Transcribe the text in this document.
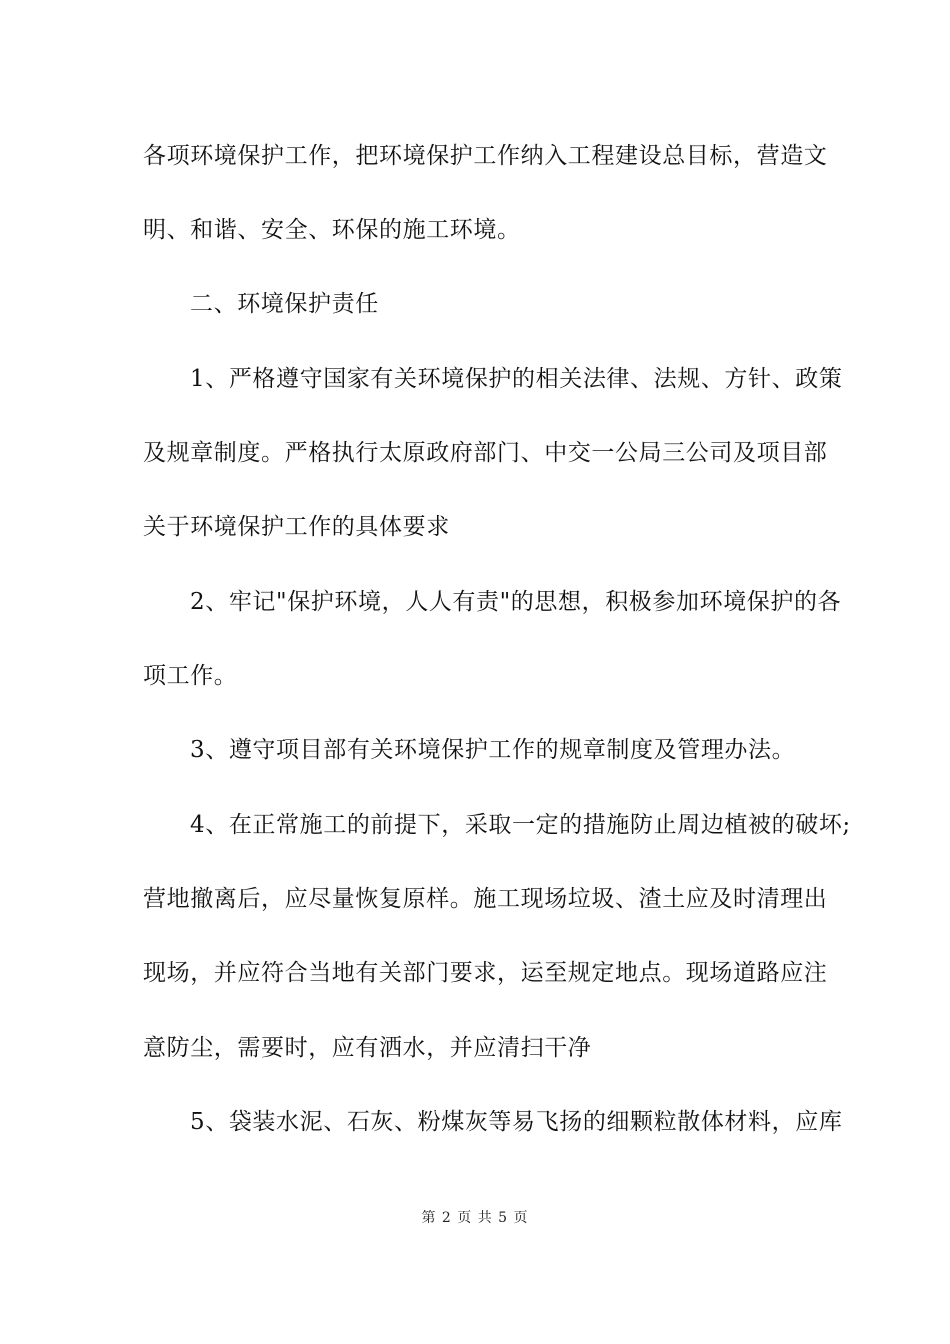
各项环境保护工作，把环境保护工作纳入工程建设总目标，营造文
明、和谐、安全、环保的施工环境。
二、环境保护责任
1、严格遵守国家有关环境保护的相关法律、法规、方针、政策
及规章制度。严格执行太原政府部门、中交一公局三公司及项目部
关于环境保护工作的具体要求
2、牢记"保护环境，人人有责"的思想，积极参加环境保护的各
项工作。
3、遵守项目部有关环境保护工作的规章制度及管理办法。
4、在正常施工的前提下，采取一定的措施防止周边植被的破坏;
营地撤离后，应尽量恢复原样。施工现场垃圾、渣土应及时清理出
现场，并应符合当地有关部门要求，运至规定地点。现场道路应注
意防尘，需要时，应有洒水，并应清扫干净
5、袋装水泥、石灰、粉煤灰等易飞扬的细颗粒散体材料，应库
第 2 页 共 5 页
